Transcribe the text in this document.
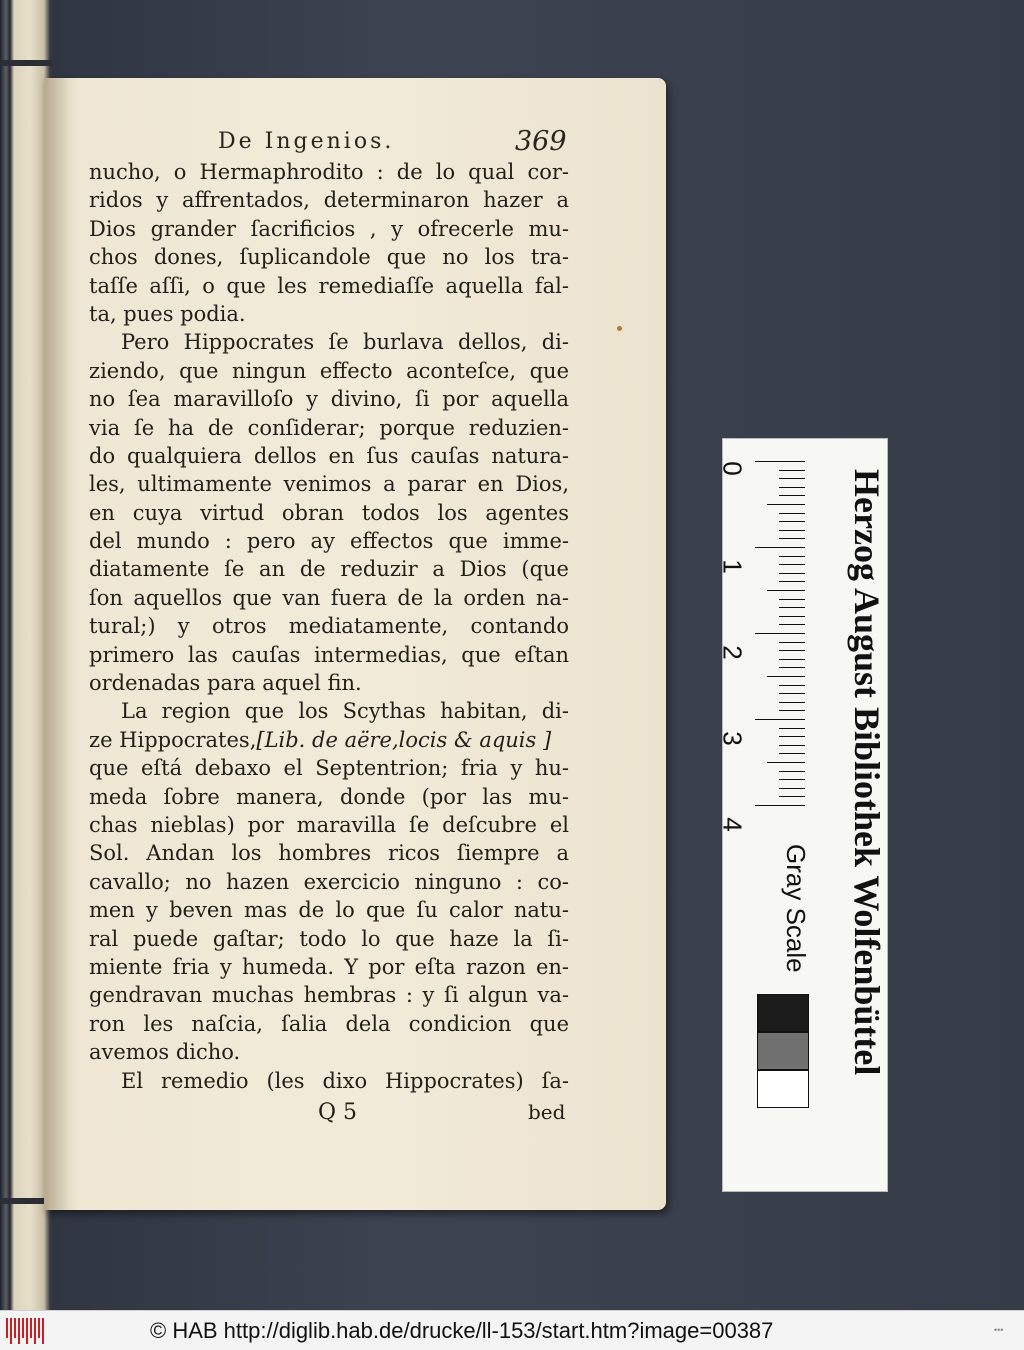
De Ingenios.	369
nucho, o Hermaphrodito : de lo qual cor-
ridos y affrentados, determinaron hazer a
Dios grander ſacrificios , y ofrecerle mu-
chos dones, ſuplicandole que no los tra-
taſſe aſſi, o que les remediaſſe aquella fal-
ta, pues podia.
Pero Hippocrates ſe burlava dellos, di-
ziendo, que ningun effecto aconteſce, que
no ſea maravilloſo y divino, ſi por aquella
via ſe ha de conſiderar; porque reduzien-
do qualquiera dellos en ſus cauſas natura-
les, ultimamente venimos a parar en Dios,
en cuya virtud obran todos los agentes
del mundo : pero ay effectos que imme-
diatamente ſe an de reduzir a Dios (que
ſon aquellos que van fuera de la orden na-
tural;) y otros mediatamente, contando
primero las cauſas intermedias, que eſtan
ordenadas para aquel fin.
La region que los Scythas habitan, di-
ze Hippocrates,[Lib. de aëre,locis & aquis ]
que eſtá debaxo el Septentrion; fria y hu-
meda ſobre manera, donde (por las mu-
chas nieblas) por maravilla ſe deſcubre el
Sol. Andan los hombres ricos ſiempre a
cavallo; no hazen exercicio ninguno : co-
men y beven mas de lo que ſu calor natu-
ral puede gaſtar; todo lo que haze la ſi-
miente fria y humeda. Y por eſta razon en-
gendravan muchas hembras : y ſi algun va-
ron les naſcia, ſalia dela condicion que
avemos dicho.
El remedio (les dixo Hippocrates) ſa-
Q 5	bed
Herzog August Bibliothek Wolfenbüttel
0
1
2
3
4
Gray Scale
© HAB http://diglib.hab.de/drucke/ll-153/start.htm?image=00387	•••
